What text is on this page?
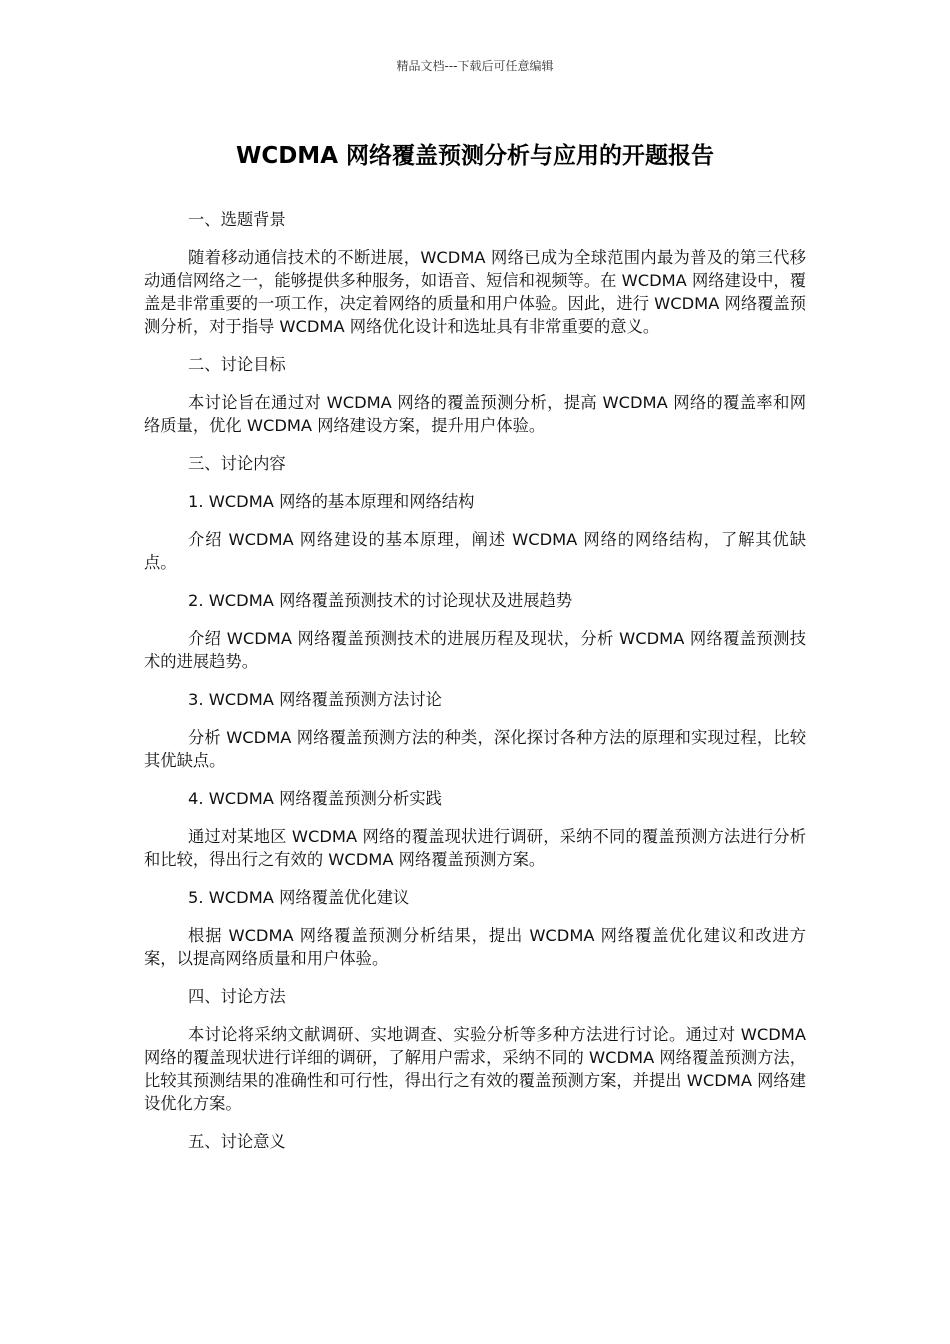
精品文档---下载后可任意编辑
WCDMA 网络覆盖预测分析与应用的开题报告

一、选题背景

随着移动通信技术的不断进展，WCDMA 网络已成为全球范围内最为普及的第三代移动通信网络之一，能够提供多种服务，如语音、短信和视频等。在 WCDMA 网络建设中，覆盖是非常重要的一项工作，决定着网络的质量和用户体验。因此，进行 WCDMA 网络覆盖预测分析，对于指导 WCDMA 网络优化设计和选址具有非常重要的意义。

二、讨论目标

本讨论旨在通过对 WCDMA 网络的覆盖预测分析，提高 WCDMA 网络的覆盖率和网络质量，优化 WCDMA 网络建设方案，提升用户体验。

三、讨论内容

1. WCDMA 网络的基本原理和网络结构

介绍 WCDMA 网络建设的基本原理，阐述 WCDMA 网络的网络结构，了解其优缺点。

2. WCDMA 网络覆盖预测技术的讨论现状及进展趋势

介绍 WCDMA 网络覆盖预测技术的进展历程及现状，分析 WCDMA 网络覆盖预测技术的进展趋势。

3. WCDMA 网络覆盖预测方法讨论

分析 WCDMA 网络覆盖预测方法的种类，深化探讨各种方法的原理和实现过程，比较其优缺点。

4. WCDMA 网络覆盖预测分析实践

通过对某地区 WCDMA 网络的覆盖现状进行调研，采纳不同的覆盖预测方法进行分析和比较，得出行之有效的 WCDMA 网络覆盖预测方案。

5. WCDMA 网络覆盖优化建议

根据 WCDMA 网络覆盖预测分析结果，提出 WCDMA 网络覆盖优化建议和改进方案，以提高网络质量和用户体验。

四、讨论方法

本讨论将采纳文献调研、实地调查、实验分析等多种方法进行讨论。通过对 WCDMA 网络的覆盖现状进行详细的调研，了解用户需求，采纳不同的 WCDMA 网络覆盖预测方法，比较其预测结果的准确性和可行性，得出行之有效的覆盖预测方案，并提出 WCDMA 网络建设优化方案。

五、讨论意义
